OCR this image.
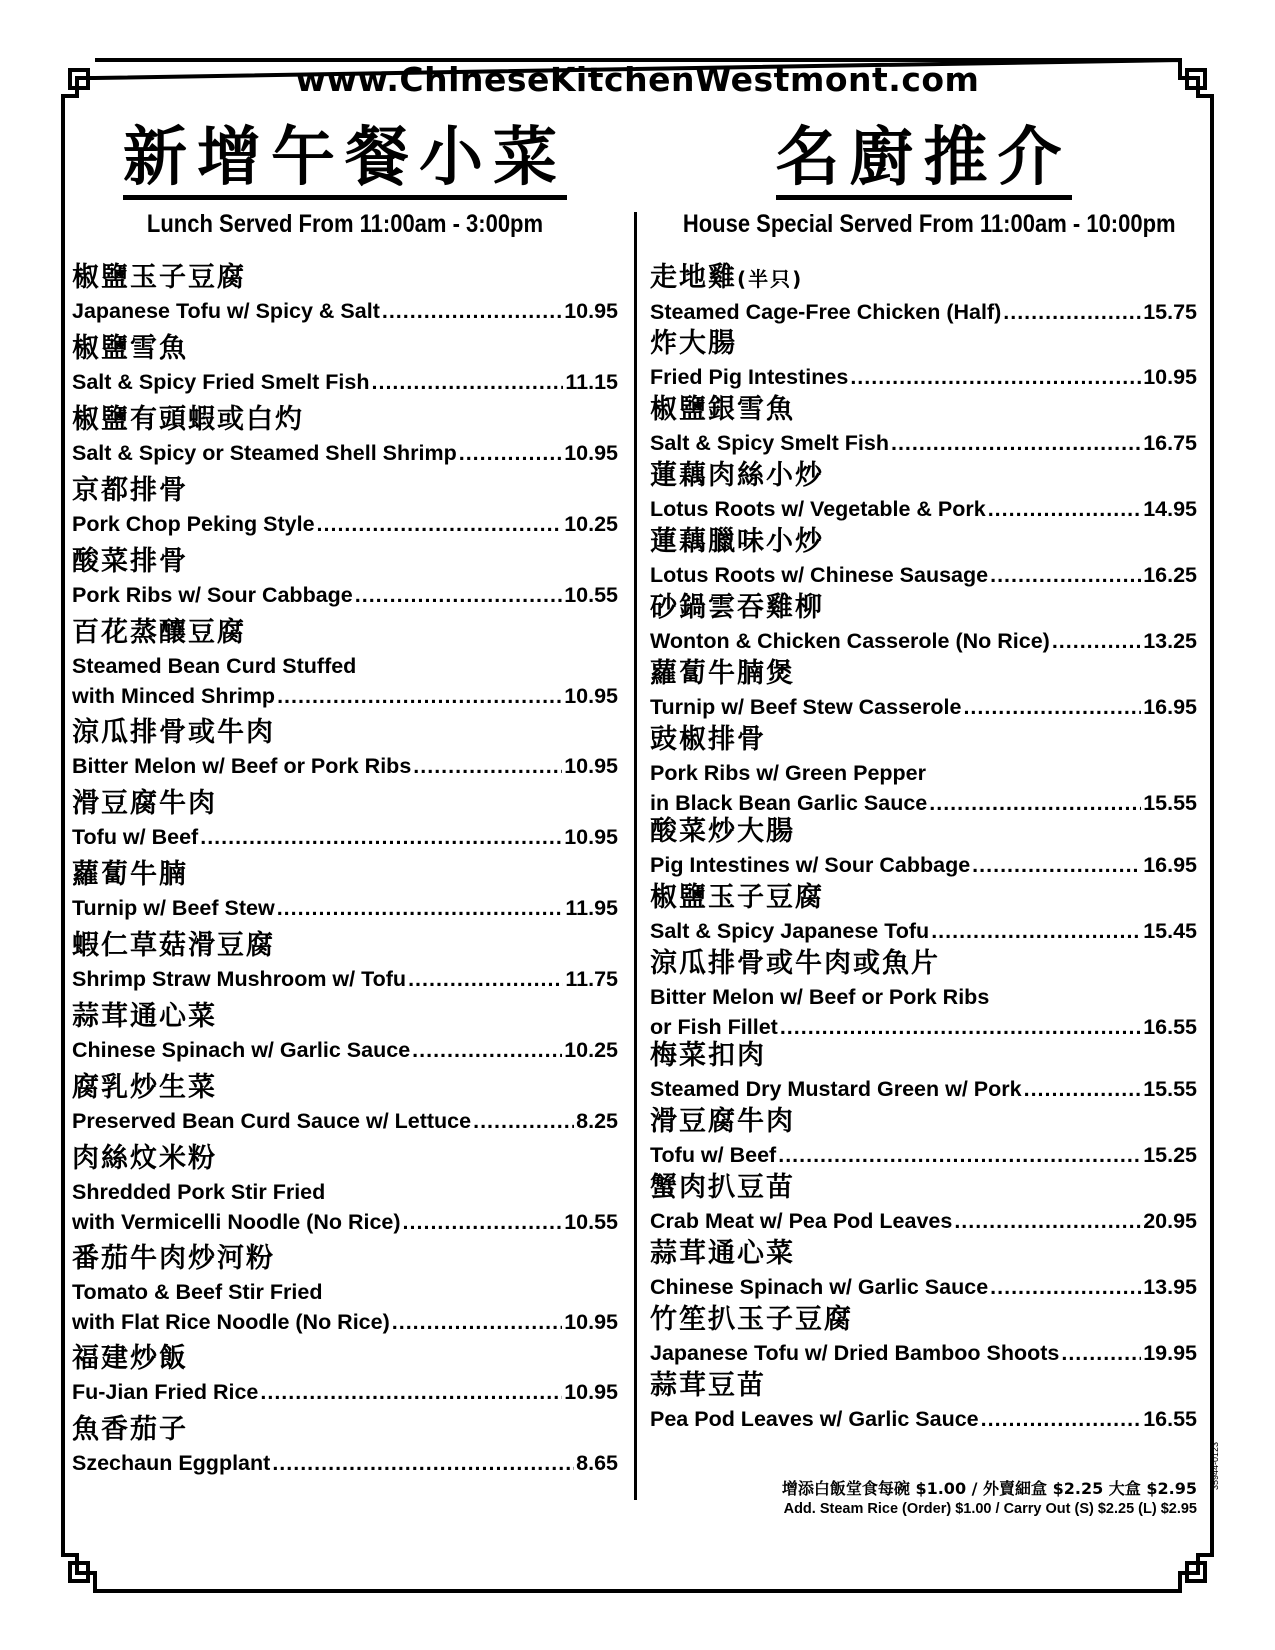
www.ChineseKitchenWestmont.com
新增午餐小菜
Lunch Served From 11:00am - 3:00pm
椒鹽玉子豆腐
Japanese Tofu w/ Spicy & Salt .....	10.95
椒鹽雪魚
Salt & Spicy Fried Smelt Fish .....	11.15
椒鹽有頭蝦或白灼
Salt & Spicy or Steamed Shell Shrimp .....	10.95
京都排骨
Pork Chop Peking Style .....	10.25
酸菜排骨
Pork Ribs w/ Sour Cabbage .....	10.55
百花蒸釀豆腐
Steamed Bean Curd Stuffed
with Minced Shrimp .....	10.95
涼瓜排骨或牛肉
Bitter Melon w/ Beef or Pork Ribs .....	10.95
滑豆腐牛肉
Tofu w/ Beef .....	10.95
蘿蔔牛腩
Turnip w/ Beef Stew .....	11.95
蝦仁草菇滑豆腐
Shrimp Straw Mushroom w/ Tofu .....	11.75
蒜茸通心菜
Chinese Spinach w/ Garlic Sauce .....	10.25
腐乳炒生菜
Preserved Bean Curd Sauce w/ Lettuce .....	8.25
肉絲炆米粉
Shredded Pork Stir Fried
with Vermicelli Noodle (No Rice) .....	10.55
番茄牛肉炒河粉
Tomato & Beef Stir Fried
with Flat Rice Noodle (No Rice) .....	10.95
福建炒飯
Fu-Jian Fried Rice .....	10.95
魚香茄子
Szechaun Eggplant .....	8.65
名廚推介
House Special Served From 11:00am - 10:00pm
走地雞(半只)
Steamed Cage-Free Chicken (Half) .....	15.75
炸大腸
Fried Pig Intestines .....	10.95
椒鹽銀雪魚
Salt & Spicy Smelt Fish .....	16.75
蓮藕肉絲小炒
Lotus Roots w/ Vegetable & Pork .....	14.95
蓮藕臘味小炒
Lotus Roots w/ Chinese Sausage .....	16.25
砂鍋雲吞雞柳
Wonton & Chicken Casserole (No Rice) .....	13.25
蘿蔔牛腩煲
Turnip w/ Beef Stew Casserole .....	16.95
豉椒排骨
Pork Ribs w/ Green Pepper
in Black Bean Garlic Sauce .....	15.55
酸菜炒大腸
Pig Intestines w/ Sour Cabbage .....	16.95
椒鹽玉子豆腐
Salt & Spicy Japanese Tofu .....	15.45
涼瓜排骨或牛肉或魚片
Bitter Melon w/ Beef or Pork Ribs
or Fish Fillet .....	16.55
梅菜扣肉
Steamed Dry Mustard Green w/ Pork .....	15.55
滑豆腐牛肉
Tofu w/ Beef .....	15.25
蟹肉扒豆苗
Crab Meat w/ Pea Pod Leaves .....	20.95
蒜茸通心菜
Chinese Spinach w/ Garlic Sauce .....	13.95
竹笙扒玉子豆腐
Japanese Tofu w/ Dried Bamboo Shoots .....	19.95
蒜茸豆苗
Pea Pod Leaves w/ Garlic Sauce .....	16.55
增添白飯堂食每碗 $1.00 / 外賣細盒 $2.25 大盒 $2.95
Add. Steam Rice (Order) $1.00 / Carry Out (S) $2.25 (L) $2.95
35944-0123
